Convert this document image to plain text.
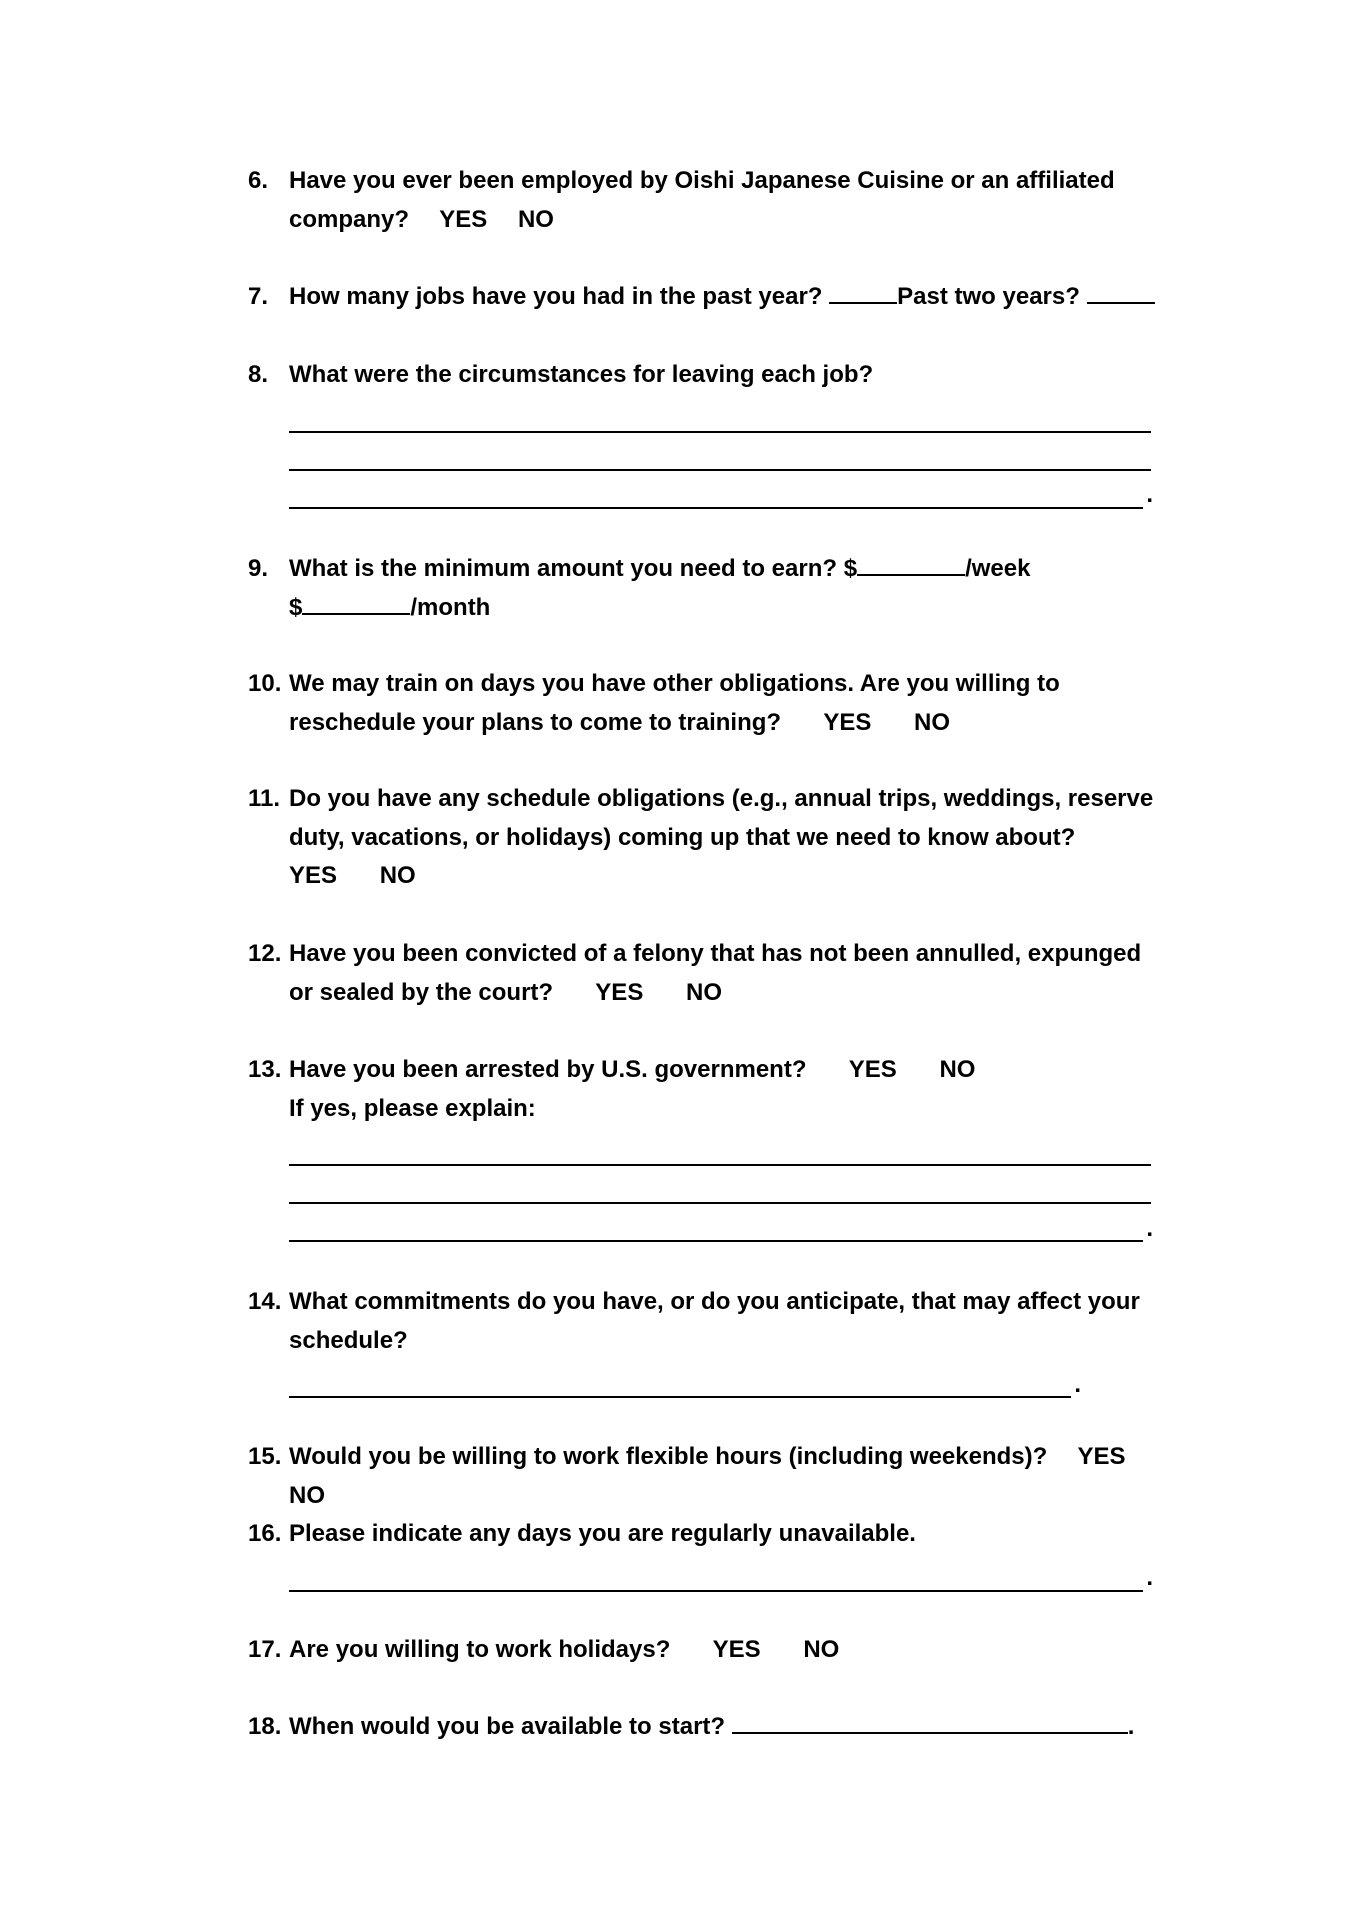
6. Have you ever been employed by Oishi Japanese Cuisine or an affiliated
company? YES NO
7. How many jobs have you had in the past year?	Past two years?
8. What were the circumstances for leaving each job?
.
9. What is the minimum amount you need to earn? $	/week
$	/month
10. We may train on days you have other obligations. Are you willing to
reschedule your plans to come to training? YES NO
11. Do you have any schedule obligations (e.g., annual trips, weddings, reserve
duty, vacations, or holidays) coming up that we need to know about?
YES NO
12. Have you been convicted of a felony that has not been annulled, expunged
or sealed by the court? YES NO
13. Have you been arrested by U.S. government? YES NO
If yes, please explain:
.
14. What commitments do you have, or do you anticipate, that may affect your
schedule?
.
15. Would you be willing to work flexible hours (including weekends)? YES NO
16. Please indicate any days you are regularly unavailable.
.
17. Are you willing to work holidays? YES NO
18. When would you be available to start?	.
